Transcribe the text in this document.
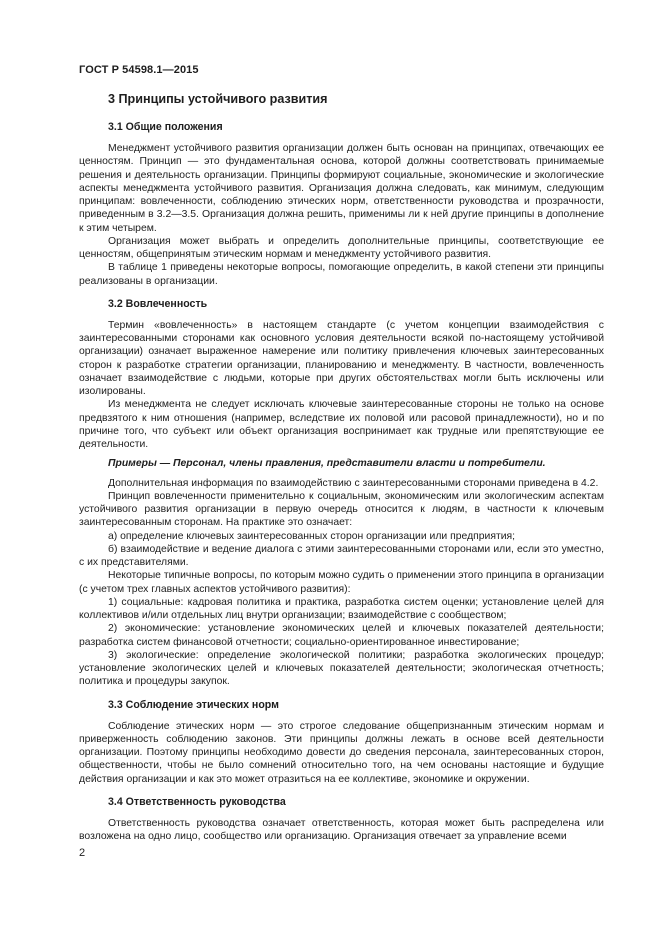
ГОСТ Р 54598.1—2015
3 Принципы устойчивого развития
3.1 Общие положения

Менеджмент устойчивого развития организации должен быть основан на принципах, отвечающих ее ценностям. Принцип — это фундаментальная основа, которой должны соответствовать принимаемые решения и деятельность организации. Принципы формируют социальные, экономические и экологические аспекты менеджмента устойчивого развития. Организация должна следовать, как минимум, следующим принципам: вовлеченности, соблюдению этических норм, ответственности руководства и прозрачности, приведенным в 3.2—3.5. Организация должна решить, применимы ли к ней другие принципы в дополнение к этим четырем.

Организация может выбрать и определить дополнительные принципы, соответствующие ее ценностям, общепринятым этическим нормам и менеджменту устойчивого развития.

В таблице 1 приведены некоторые вопросы, помогающие определить, в какой степени эти принципы реализованы в организации.

3.2 Вовлеченность

Термин «вовлеченность» в настоящем стандарте (с учетом концепции взаимодействия с заинтересованными сторонами как основного условия деятельности всякой по-настоящему устойчивой организации) означает выраженное намерение или политику привлечения ключевых заинтересованных сторон к разработке стратегии организации, планированию и менеджменту. В частности, вовлеченность означает взаимодействие с людьми, которые при других обстоятельствах могли быть исключены или изолированы.

Из менеджмента не следует исключать ключевые заинтересованные стороны не только на основе предвзятого к ним отношения (например, вследствие их половой или расовой принадлежности), но и по причине того, что субъект или объект организация воспринимает как трудные или препятствующие ее деятельности.

Примеры — Персонал, члены правления, представители власти и потребители.

Дополнительная информация по взаимодействию с заинтересованными сторонами приведена в 4.2.

Принцип вовлеченности применительно к социальным, экономическим или экологическим аспектам устойчивого развития организации в первую очередь относится к людям, в частности к ключевым заинтересованным сторонам. На практике это означает:

а) определение ключевых заинтересованных сторон организации или предприятия;

б) взаимодействие и ведение диалога с этими заинтересованными сторонами или, если это уместно, с их представителями.

Некоторые типичные вопросы, по которым можно судить о применении этого принципа в организации (с учетом трех главных аспектов устойчивого развития):

1) социальные: кадровая политика и практика, разработка систем оценки; установление целей для коллективов и/или отдельных лиц внутри организации; взаимодействие с сообществом;

2) экономические: установление экономических целей и ключевых показателей деятельности; разработка систем финансовой отчетности; социально-ориентированное инвестирование;

3) экологические: определение экологической политики; разработка экологических процедур; установление экологических целей и ключевых показателей деятельности; экологическая отчетность; политика и процедуры закупок.

3.3 Соблюдение этических норм

Соблюдение этических норм — это строгое следование общепризнанным этическим нормам и приверженность соблюдению законов. Эти принципы должны лежать в основе всей деятельности организации. Поэтому принципы необходимо довести до сведения персонала, заинтересованных сторон, общественности, чтобы не было сомнений относительно того, на чем основаны настоящие и будущие действия организации и как это может отразиться на ее коллективе, экономике и окружении.

3.4 Ответственность руководства

Ответственность руководства означает ответственность, которая может быть распределена или возложена на одно лицо, сообщество или организацию. Организация отвечает за управление всеми

2
